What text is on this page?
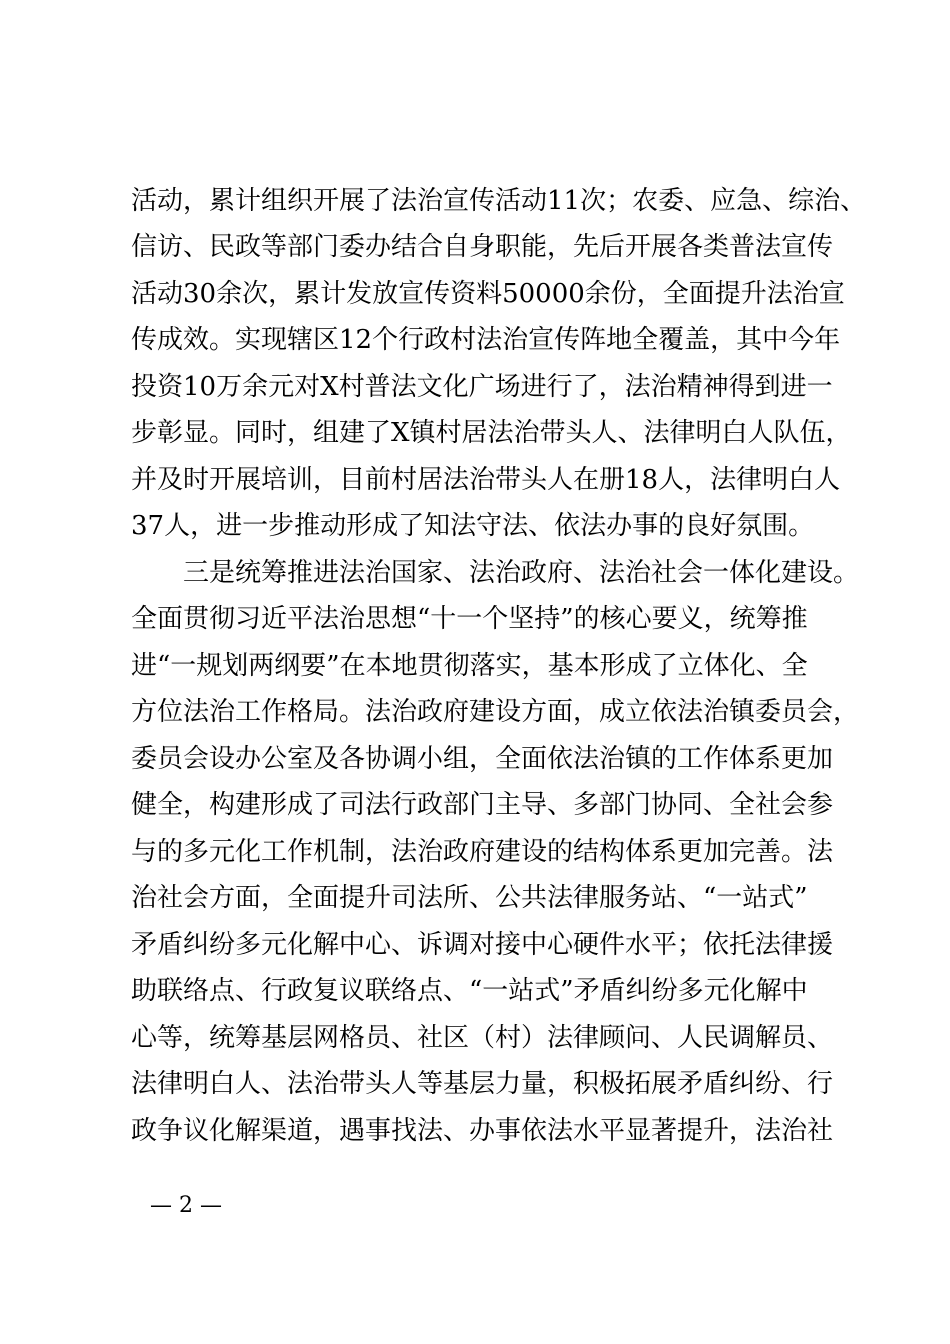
活动，累计组织开展了法治宣传活动11次；农委、应急、综治、
信访、民政等部门委办结合自身职能，先后开展各类普法宣传
活动30余次，累计发放宣传资料50000余份，全面提升法治宣
传成效。实现辖区12个行政村法治宣传阵地全覆盖，其中今年
投资10万余元对X村普法文化广场进行了，法治精神得到进一
步彰显。同时，组建了X镇村居法治带头人、法律明白人队伍，
并及时开展培训，目前村居法治带头人在册18人，法律明白人
37人，进一步推动形成了知法守法、依法办事的良好氛围。
　　三是统筹推进法治国家、法治政府、法治社会一体化建设。
全面贯彻习近平法治思想“十一个坚持”的核心要义，统筹推
进“一规划两纲要”在本地贯彻落实，基本形成了立体化、全
方位法治工作格局。法治政府建设方面，成立依法治镇委员会，
委员会设办公室及各协调小组，全面依法治镇的工作体系更加
健全，构建形成了司法行政部门主导、多部门协同、全社会参
与的多元化工作机制，法治政府建设的结构体系更加完善。法
治社会方面，全面提升司法所、公共法律服务站、“一站式”
矛盾纠纷多元化解中心、诉调对接中心硬件水平；依托法律援
助联络点、行政复议联络点、“一站式”矛盾纠纷多元化解中
心等，统筹基层网格员、社区（村）法律顾问、人民调解员、
法律明白人、法治带头人等基层力量，积极拓展矛盾纠纷、行
政争议化解渠道，遇事找法、办事依法水平显著提升，法治社
— 2 —
